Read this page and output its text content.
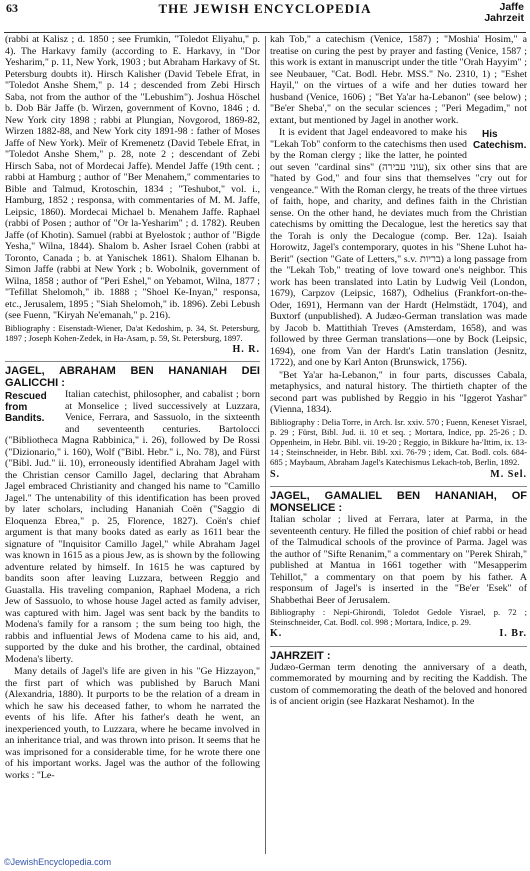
63	THE JEWISH ENCYCLOPEDIA	Jaffe
Jahrzeit

(rabbi at Kalisz ; d. 1850 ; see Frumkin, "Toledot Eliyahu," p. 4). The Harkavy family (according to E. Harkavy, in "Dor Yesharim," p. 11, New York, 1903 ; but Abraham Harkavy of St. Petersburg doubts it). Hirsch Kalisher (David Tebele Efrat, in "Toledot Anshe Shem," p. 14 ; descended from Zebi Hirsch Saba, not from the author of the "Lebushim"). Joshua Höschel b. Dob Bär Jaffe (b. Wirzen, government of Kovno, 1846 ; d. New York city 1898 ; rabbi at Plungian, Novgorod, 1869-82, Wirzen 1882-88, and New York city 1891-98 : father of Moses Jaffe of New York). Meïr of Kremenetz (David Tebele Efrat, in "Toledot Anshe Shem," p. 28, note 2 ; descendant of Zebi Hirsch Saba, not of Mordecai Jaffe). Mendel Jaffe (19th cent. ; rabbi at Hamburg ; author of "Ber Menahem," commentaries to Bible and Talmud, Krotoschin, 1834 ; "Teshubot," vol. i., Hamburg, 1852 ; responsa, with commentaries of M. M. Jaffe, Leipsic, 1860). Mordecai Michael b. Menahem Jaffe. Raphael (rabbi of Posen ; author of "Or la-Yesharim" ; d. 1782). Reuben Jaffe (of Khotin). Samuel (rabbi at Byelostok ; author of "Bigde Yesha," Wilna, 1844). Shalom b. Asher Israel Cohen (rabbi at Toronto, Canada ; b. at Yanischek 1861). Shalom Elhanan b. Simon Jaffe (rabbi at New York ; b. Wobolnik, government of Wilna, 1858 ; author of "Peri Eshel," on Yebamot, Wilna, 1877 ; "Tefillat Shelomoh," ib. 1888 ; "Shoel Ke-Inyan," responsa, etc., Jerusalem, 1895 ; "Siah Shelomoh," ib. 1896). Zebi Lebush (see Fuenn, "Kiryah Ne'emanah," p. 216).

Bibliography : Eisenstadt-Wiener, Da'at Kedoshim, p. 34, St. Petersburg, 1897 ; Joseph Kohen-Zedek, in Ha-Asam, p. 59, St. Petersburg, 1897.

H. R.
JAGEL, ABRAHAM BEN HANANIAH DEI GALICCHI :

Rescued from Bandits.
Italian catechist, philosopher, and cabalist ; born at Monselice ; lived successively at Luzzara, Venice, Ferrara, and Sassuolo, in the sixteenth and seventeenth centuries. Bartolocci ("Bibliotheca Magna Rabbinica," i. 26), followed by De Rossi ("Dizionario," i. 160), Wolf ("Bibl. Hebr." i., No. 78), and Fürst ("Bibl. Jud." ii. 10), erroneously identified Abraham Jagel with the Christian censor Camillo Jagel, declaring that Abraham Jagel embraced Christianity and changed his name to "Camillo Jagel." The untenability of this identification has been proved by later scholars, including Hananiah Coën ("Saggio di Eloquenza Ebrea," p. 25, Florence, 1827). Coën's chief argument is that many books dated as early as 1611 bear the signature of "Inquisitor Camillo Jagel," while Abraham Jagel was known in 1615 as a pious Jew, as is shown by the following adventure related by himself. In 1615 he was captured by bandits soon after leaving Luzzara, between Reggio and Guastalla. His traveling companion, Raphael Modena, a rich Jew of Sassuolo, to whose house Jagel acted as family adviser, was captured with him. Jagel was sent back by the bandits to Modena's family for a ransom ; the sum being too high, the rabbis and influential Jews of Modena came to his aid, and, supported by the duke and his brother, the cardinal, obtained Modena's liberty.

Many details of Jagel's life are given in his "Ge Hizzayon," the first part of which was published by Baruch Mani (Alexandria, 1880). It purports to be the relation of a dream in which he saw his deceased father, to whom he narrated the events of his life. After his father's death he went, an inexperienced youth, to Luzzara, where he became involved in an inheritance trial, and was thrown into prison. It seems that he was imprisoned for a considerable time, for he wrote there one of his important works. Jagel was the author of the following works : "Le-

kah Tob," a catechism (Venice, 1587) ; "Moshia' Hosim," a treatise on curing the pest by prayer and fasting (Venice, 1587 ; this work is extant in manuscript under the title "Orah Hayyim" ; see Neubauer, "Cat. Bodl. Hebr. MSS." No. 2310, 1) ; "Eshet Hayil," on the virtues of a wife and her duties toward her husband (Venice, 1606) ; "Bet Ya'ar ha-Lebanon" (see below) ; "Be'er Sheba'," on the secular sciences ; "Peri Megadim," not extant, but mentioned by Jagel in another work.

His Catechism.
It is evident that Jagel endeavored to make his "Lekah Tob" conform to the catechisms then used by the Roman clergy ; like the latter, he pointed out seven "cardinal sins" (עוני עבירה), six other sins that are "hated by God," and four sins that themselves "cry out for vengeance." With the Roman clergy, he treats of the three virtues of faith, hope, and charity, and defines faith in the Christian sense. On the other hand, he deviates much from the Christian catechisms by omitting the Decalogue, lest the heretics say that the Torah is only the Decalogue (comp. Ber. 12a). Isaiah Horowitz, Jagel's contemporary, quotes in his "Shene Luhot ha-Berit" (section "Gate of Letters," s.v. בריות) a long passage from the "Lekah Tob," treating of love toward one's neighbor. This work has been translated into Latin by Ludwig Veil (London, 1679), Carpzov (Leipsic, 1687), Odhelius (Frankfort-on-the-Oder, 1691), Hermann van der Hardt (Helmstädt, 1704), and Buxtorf (unpublished). A Judæo-German translation was made by Jacob b. Mattithiah Treves (Amsterdam, 1658), and was followed by three German translations—one by Bock (Leipsic, 1694), one from Van der Hardt's Latin translation (Jesnitz, 1722), and one by Karl Anton (Brunswick, 1756).

"Bet Ya'ar ha-Lebanon," in four parts, discusses Cabala, metaphysics, and natural history. The thirtieth chapter of the second part was published by Reggio in his "Iggerot Yashar" (Vienna, 1834).

Bibliography : Delia Torre, in Arch. Isr. xxiv. 570 ; Fuenn, Keneset Yisrael, p. 29 ; Fürst, Bibl. Jud. ii. 10 et seq. ; Mortara, Indice, pp. 25-26 ; D. Oppenheim, in Hebr. Bibl. vii. 19-20 ; Reggio, in Bikkure ha-'Ittim, ix. 13-14 ; Steinschneider, in Hebr. Bibl. xxi. 76-79 ; idem, Cat. Bodl. cols. 684-685 ; Maybaum, Abraham Jagel's Katechismus Lekach-tob, Berlin, 1892.

S.	M. Sel.
JAGEL, GAMALIEL BEN HANANIAH, OF MONSELICE :

Italian scholar ; lived at Ferrara, later at Parma, in the seventeenth century. He filled the position of chief rabbi or head of the Talmudical schools of the province of Parma. Jagel was the author of "Sifte Renanim," a commentary on "Perek Shirah," published at Mantua in 1661 together with "Mesapperim Tehillot," a commentary on that poem by his father. A responsum of Jagel's is inserted in the "Be'er 'Esek" of Shabbethai Beer of Jerusalem.

Bibliography : Nepi-Ghirondi, Toledot Gedole Yisrael, p. 72 ; Steinschneider, Cat. Bodl. col. 998 ; Mortara, Indice, p. 29.

K.	I. Br.
JAHRZEIT :

Judæo-German term denoting the anniversary of a death, commemorated by mourning and by reciting the Kaddish. The custom of commemorating the death of the beloved and honored is of ancient origin (see Hazkarat Neshamot). In the

©JewishEncyclopedia.com
